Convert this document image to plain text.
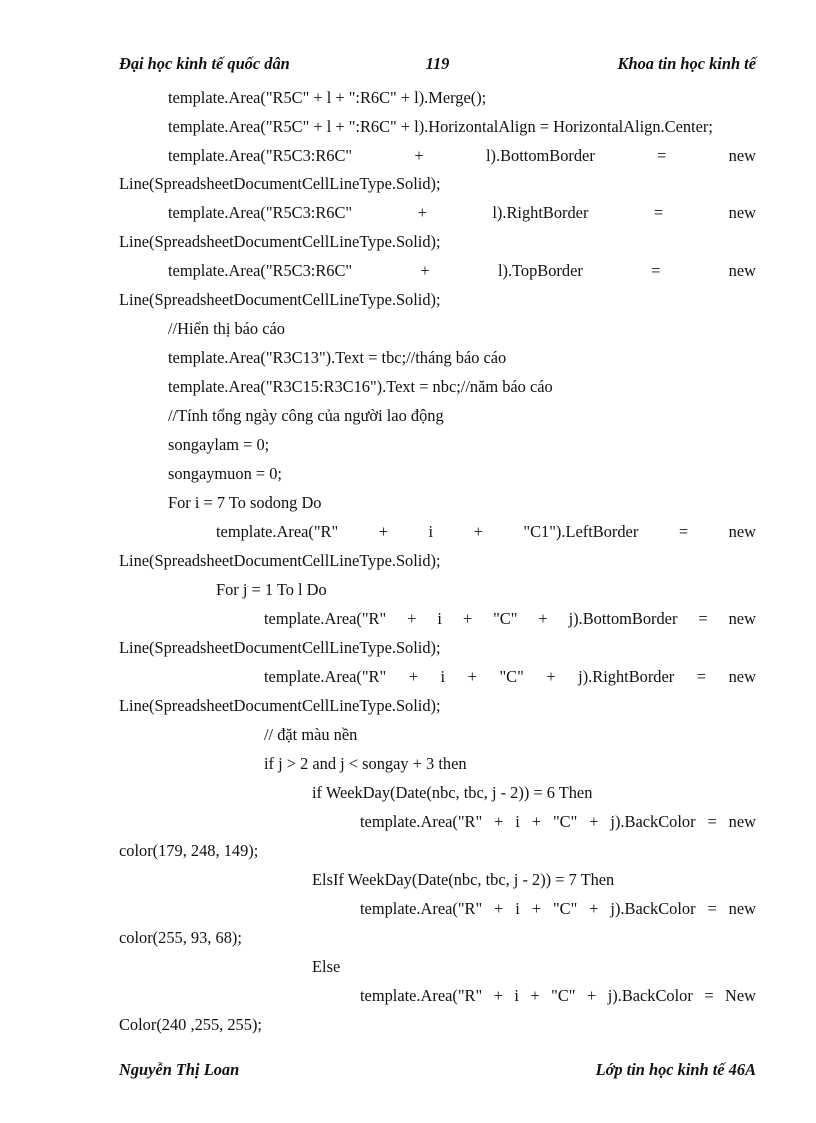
Đại học kinh tế quốc dân	119	Khoa tin học kinh tế
template.Area("R5C" + l + ":R6C" + l).Merge();
template.Area("R5C" + l + ":R6C" + l).HorizontalAlign = HorizontalAlign.Center;
template.Area("R5C3:R6C"	+	l).BottomBorder	=	new
Line(SpreadsheetDocumentCellLineType.Solid);
template.Area("R5C3:R6C"	+	l).RightBorder	=	new
Line(SpreadsheetDocumentCellLineType.Solid);
template.Area("R5C3:R6C"	+	l).TopBorder	=	new
Line(SpreadsheetDocumentCellLineType.Solid);
//Hiển thị báo cáo
template.Area("R3C13").Text = tbc;//tháng báo cáo
template.Area("R3C15:R3C16").Text = nbc;//năm báo cáo
//Tính tổng ngày công của người lao động
songaylam = 0;
songaymuon = 0;
For i = 7 To sodong Do
template.Area("R" + i + "C1").LeftBorder = new
Line(SpreadsheetDocumentCellLineType.Solid);
For j = 1 To l Do
template.Area("R" + i + "C" + j).BottomBorder = new
Line(SpreadsheetDocumentCellLineType.Solid);
template.Area("R" + i + "C" + j).RightBorder = new
Line(SpreadsheetDocumentCellLineType.Solid);
// đặt màu nền
if j > 2 and j < songay + 3 then
if WeekDay(Date(nbc, tbc, j - 2)) = 6 Then
template.Area("R" + i + "C" + j).BackColor = new
color(179, 248, 149);
ElsIf WeekDay(Date(nbc, tbc, j - 2)) = 7 Then
template.Area("R" + i + "C" + j).BackColor = new
color(255, 93, 68);
Else
template.Area("R" + i + "C" + j).BackColor = New
Color(240 ,255, 255);
Nguyễn Thị Loan	Lớp tin học kinh tế 46A
